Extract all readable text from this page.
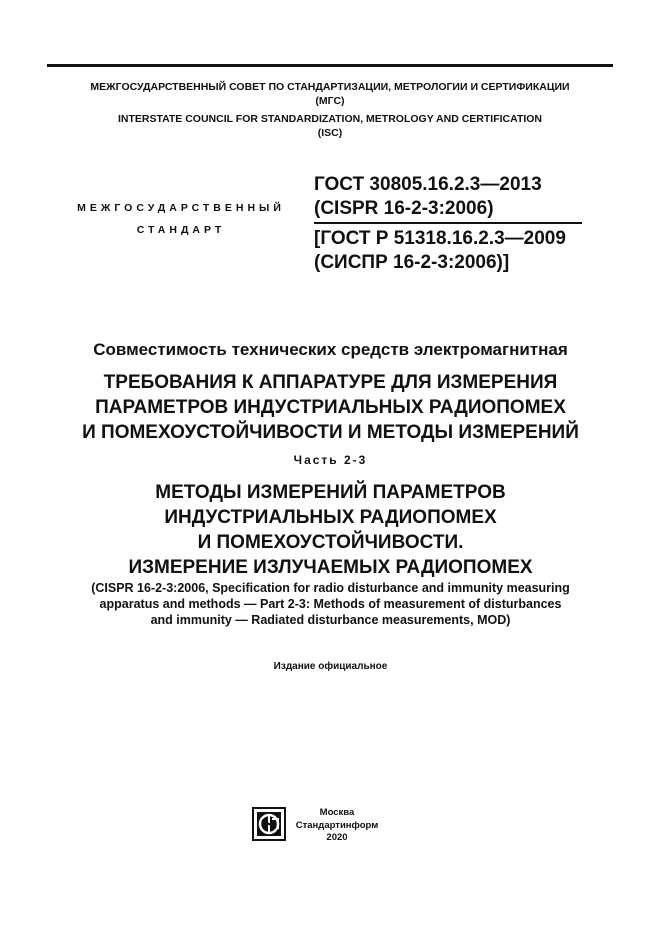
МЕЖГОСУДАРСТВЕННЫЙ СОВЕТ ПО СТАНДАРТИЗАЦИИ, МЕТРОЛОГИИ И СЕРТИФИКАЦИИ
(МГС)
INTERSTATE COUNCIL FOR STANDARDIZATION, METROLOGY AND CERTIFICATION
(ISC)
МЕЖГОСУДАРСТВЕННЫЙ
СТАНДАРТ
ГОСТ 30805.16.2.3—2013
(CISPR 16-2-3:2006)
[ГОСТ Р 51318.16.2.3—2009
(СИСПР 16-2-3:2006)]
Совместимость технических средств электромагнитная
ТРЕБОВАНИЯ К АППАРАТУРЕ ДЛЯ ИЗМЕРЕНИЯ
ПАРАМЕТРОВ ИНДУСТРИАЛЬНЫХ РАДИОПОМЕХ
И ПОМЕХОУСТОЙЧИВОСТИ И МЕТОДЫ ИЗМЕРЕНИЙ
Часть 2-3
МЕТОДЫ ИЗМЕРЕНИЙ ПАРАМЕТРОВ
ИНДУСТРИАЛЬНЫХ РАДИОПОМЕХ
И ПОМЕХОУСТОЙЧИВОСТИ.
ИЗМЕРЕНИЕ ИЗЛУЧАЕМЫХ РАДИОПОМЕХ
(CISPR 16-2-3:2006, Specification for radio disturbance and immunity measuring
apparatus and methods — Part 2-3: Methods of measurement of disturbances
and immunity — Radiated disturbance measurements, MOD)
Издание официальное
Москва
Стандартинформ
2020
